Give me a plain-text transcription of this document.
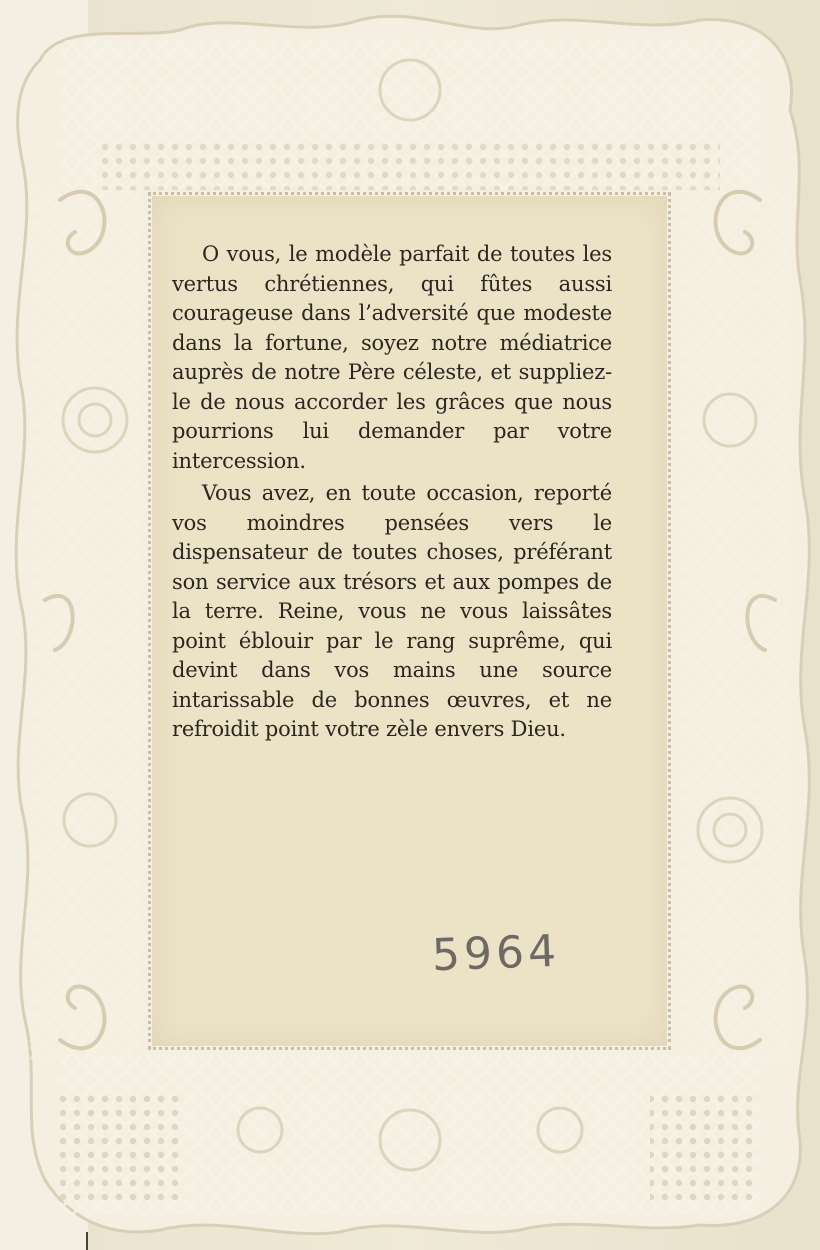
O vous, le modèle parfait de toutes les vertus chrétiennes, qui fûtes aussi courageuse dans l’adversité que modeste dans la fortune, soyez notre médiatrice auprès de notre Père céleste, et suppliez-le de nous accorder les grâces que nous pourrions lui demander par votre intercession.

Vous avez, en toute occasion, reporté vos moindres pensées vers le dispensateur de toutes choses, préférant son service aux trésors et aux pompes de la terre. Reine, vous ne vous laissâtes point éblouir par le rang suprême, qui devint dans vos mains une source intarissable de bonnes œuvres, et ne refroidit point votre zèle envers Dieu.

5964
